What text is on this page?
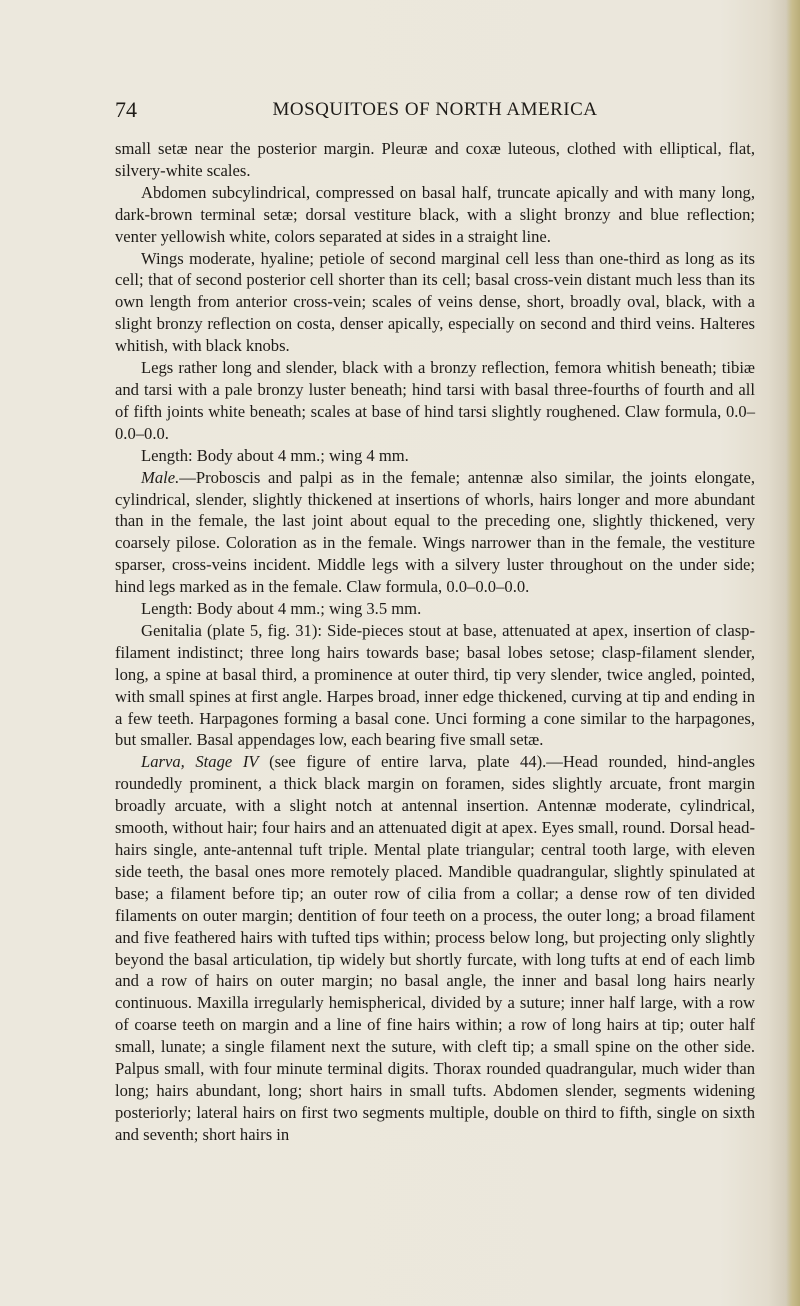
74	MOSQUITOES OF NORTH AMERICA

small setæ near the posterior margin. Pleuræ and coxæ luteous, clothed with elliptical, flat, silvery-white scales.

Abdomen subcylindrical, compressed on basal half, truncate apically and with many long, dark-brown terminal setæ; dorsal vestiture black, with a slight bronzy and blue reflection; venter yellowish white, colors separated at sides in a straight line.

Wings moderate, hyaline; petiole of second marginal cell less than one-third as long as its cell; that of second posterior cell shorter than its cell; basal cross-vein distant much less than its own length from anterior cross-vein; scales of veins dense, short, broadly oval, black, with a slight bronzy reflection on costa, denser apically, especially on second and third veins. Halteres whitish, with black knobs.

Legs rather long and slender, black with a bronzy reflection, femora whitish beneath; tibiæ and tarsi with a pale bronzy luster beneath; hind tarsi with basal three-fourths of fourth and all of fifth joints white beneath; scales at base of hind tarsi slightly roughened. Claw formula, 0.0–0.0–0.0.

Length: Body about 4 mm.; wing 4 mm.

Male.—Proboscis and palpi as in the female; antennæ also similar, the joints elongate, cylindrical, slender, slightly thickened at insertions of whorls, hairs longer and more abundant than in the female, the last joint about equal to the preceding one, slightly thickened, very coarsely pilose. Coloration as in the female. Wings narrower than in the female, the vestiture sparser, cross-veins incident. Middle legs with a silvery luster throughout on the under side; hind legs marked as in the female. Claw formula, 0.0–0.0–0.0.

Length: Body about 4 mm.; wing 3.5 mm.

Genitalia (plate 5, fig. 31): Side-pieces stout at base, attenuated at apex, insertion of clasp-filament indistinct; three long hairs towards base; basal lobes setose; clasp-filament slender, long, a spine at basal third, a prominence at outer third, tip very slender, twice angled, pointed, with small spines at first angle. Harpes broad, inner edge thickened, curving at tip and ending in a few teeth. Harpagones forming a basal cone. Unci forming a cone similar to the harpagones, but smaller. Basal appendages low, each bearing five small setæ.

Larva, Stage IV (see figure of entire larva, plate 44).—Head rounded, hind-angles roundedly prominent, a thick black margin on foramen, sides slightly arcuate, front margin broadly arcuate, with a slight notch at antennal insertion. Antennæ moderate, cylindrical, smooth, without hair; four hairs and an attenuated digit at apex. Eyes small, round. Dorsal head-hairs single, ante-antennal tuft triple. Mental plate triangular; central tooth large, with eleven side teeth, the basal ones more remotely placed. Mandible quadrangular, slightly spinulated at base; a filament before tip; an outer row of cilia from a collar; a dense row of ten divided filaments on outer margin; dentition of four teeth on a process, the outer long; a broad filament and five feathered hairs with tufted tips within; process below long, but projecting only slightly beyond the basal articulation, tip widely but shortly furcate, with long tufts at end of each limb and a row of hairs on outer margin; no basal angle, the inner and basal long hairs nearly continuous. Maxilla irregularly hemispherical, divided by a suture; inner half large, with a row of coarse teeth on margin and a line of fine hairs within; a row of long hairs at tip; outer half small, lunate; a single filament next the suture, with cleft tip; a small spine on the other side. Palpus small, with four minute terminal digits. Thorax rounded quadrangular, much wider than long; hairs abundant, long; short hairs in small tufts. Abdomen slender, segments widening posteriorly; lateral hairs on first two segments multiple, double on third to fifth, single on sixth and seventh; short hairs in
